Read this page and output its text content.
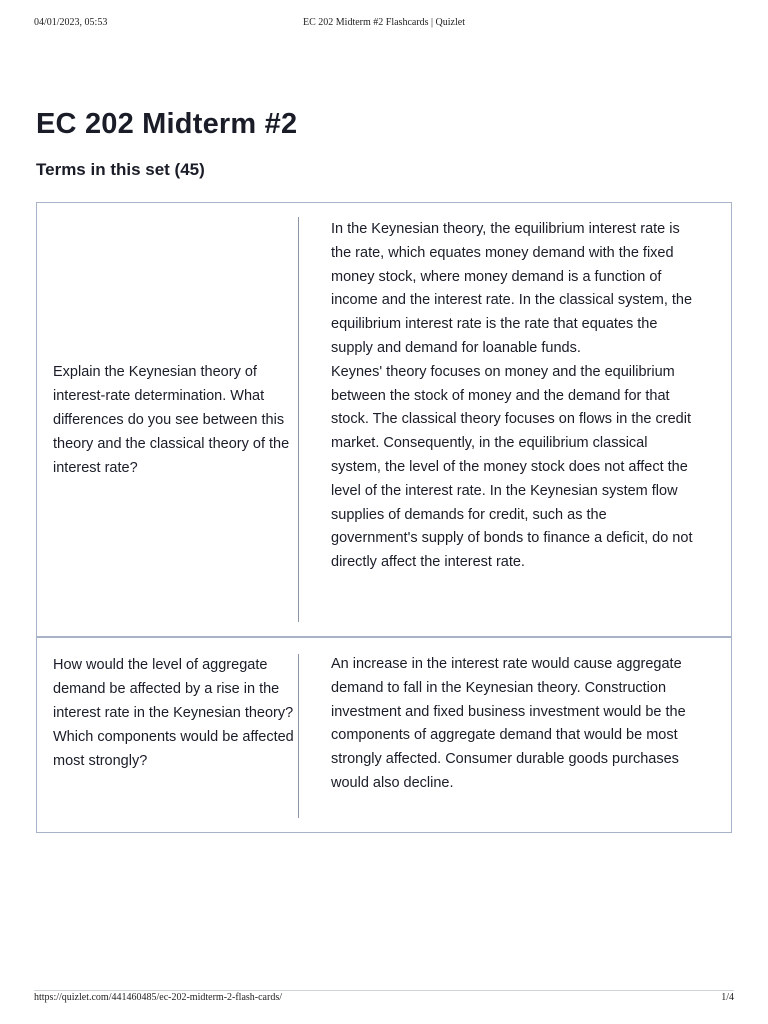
04/01/2023, 05:53	EC 202 Midterm #2 Flashcards | Quizlet
EC 202 Midterm #2
Terms in this set (45)
Explain the Keynesian theory of interest-rate determination. What differences do you see between this theory and the classical theory of the interest rate?

In the Keynesian theory, the equilibrium interest rate is the rate, which equates money demand with the fixed money stock, where money demand is a function of income and the interest rate. In the classical system, the equilibrium interest rate is the rate that equates the supply and demand for loanable funds.

Keynes' theory focuses on money and the equilibrium between the stock of money and the demand for that stock. The classical theory focuses on flows in the credit market. Consequently, in the equilibrium classical system, the level of the money stock does not affect the level of the interest rate. In the Keynesian system flow supplies of demands for credit, such as the government's supply of bonds to finance a deficit, do not directly affect the interest rate.

How would the level of aggregate demand be affected by a rise in the interest rate in the Keynesian theory? Which components would be affected most strongly?

An increase in the interest rate would cause aggregate demand to fall in the Keynesian theory. Construction investment and fixed business investment would be the components of aggregate demand that would be most strongly affected. Consumer durable goods purchases would also decline.

https://quizlet.com/441460485/ec-202-midterm-2-flash-cards/	1/4
